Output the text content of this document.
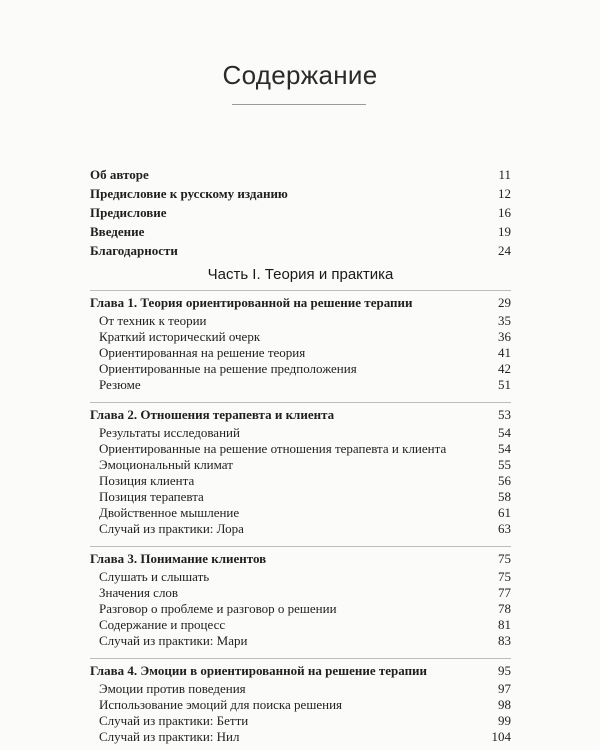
Содержание
Об авторе	11
Предисловие к русскому изданию	12
Предисловие	16
Введение	19
Благодарности	24
Часть I. Теория и практика
Глава 1. Теория ориентированной на решение терапии	29
От техник к теории	35
Краткий исторический очерк	36
Ориентированная на решение теория	41
Ориентированные на решение предположения	42
Резюме	51
Глава 2. Отношения терапевта и клиента	53
Результаты исследований	54
Ориентированные на решение отношения терапевта и клиента	54
Эмоциональный климат	55
Позиция клиента	56
Позиция терапевта	58
Двойственное мышление	61
Случай из практики: Лора	63
Глава 3. Понимание клиентов	75
Слушать и слышать	75
Значения слов	77
Разговор о проблеме и разговор о решении	78
Содержание и процесс	81
Случай из практики: Мари	83
Глава 4. Эмоции в ориентированной на решение терапии	95
Эмоции против поведения	97
Использование эмоций для поиска решения	98
Случай из практики: Бетти	99
Случай из практики: Нил	104
